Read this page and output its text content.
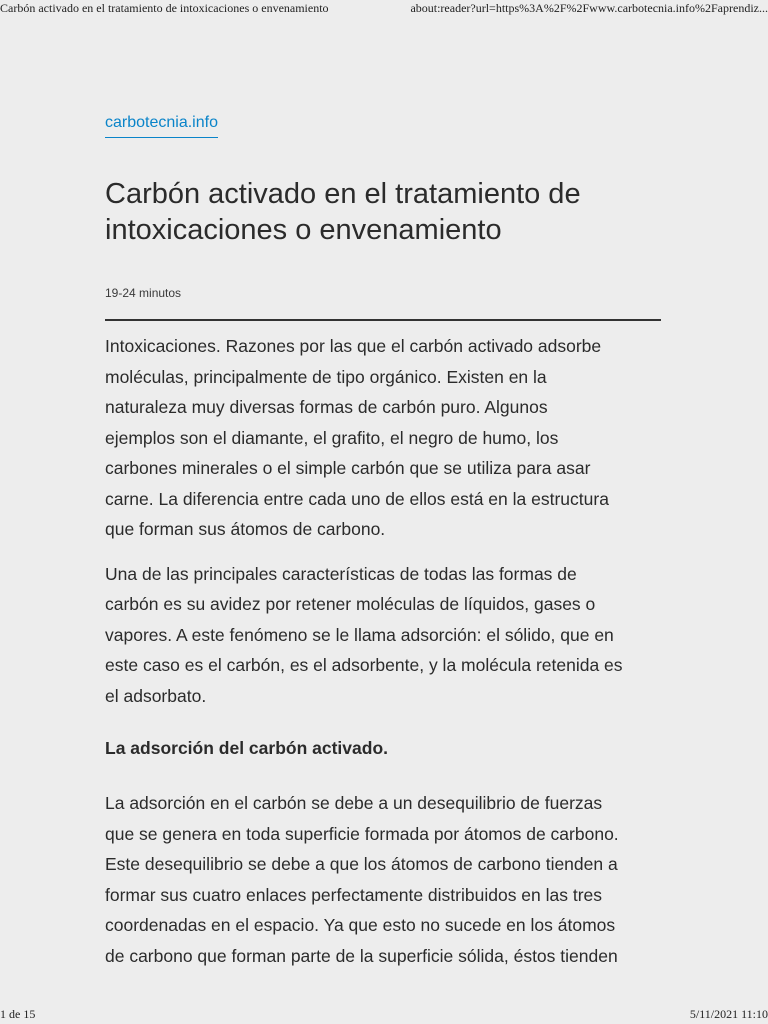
Carbón activado en el tratamiento de intoxicaciones o envenamiento	about:reader?url=https%3A%2F%2Fwww.carbotecnia.info%2Faprendiz...
carbotecnia.info
Carbón activado en el tratamiento de
intoxicaciones o envenamiento
19-24 minutos

Intoxicaciones. Razones por las que el carbón activado adsorbe
moléculas, principalmente de tipo orgánico. Existen en la
naturaleza muy diversas formas de carbón puro. Algunos
ejemplos son el diamante, el grafito, el negro de humo, los
carbones minerales o el simple carbón que se utiliza para asar
carne. La diferencia entre cada uno de ellos está en la estructura
que forman sus átomos de carbono.

Una de las principales características de todas las formas de
carbón es su avidez por retener moléculas de líquidos, gases o
vapores. A este fenómeno se le llama adsorción: el sólido, que en
este caso es el carbón, es el adsorbente, y la molécula retenida es
el adsorbato.

La adsorción del carbón activado.

La adsorción en el carbón se debe a un desequilibrio de fuerzas
que se genera en toda superficie formada por átomos de carbono.
Este desequilibrio se debe a que los átomos de carbono tienden a
formar sus cuatro enlaces perfectamente distribuidos en las tres
coordenadas en el espacio. Ya que esto no sucede en los átomos
de carbono que forman parte de la superficie sólida, éstos tienden

1 de 15	5/11/2021 11:10
